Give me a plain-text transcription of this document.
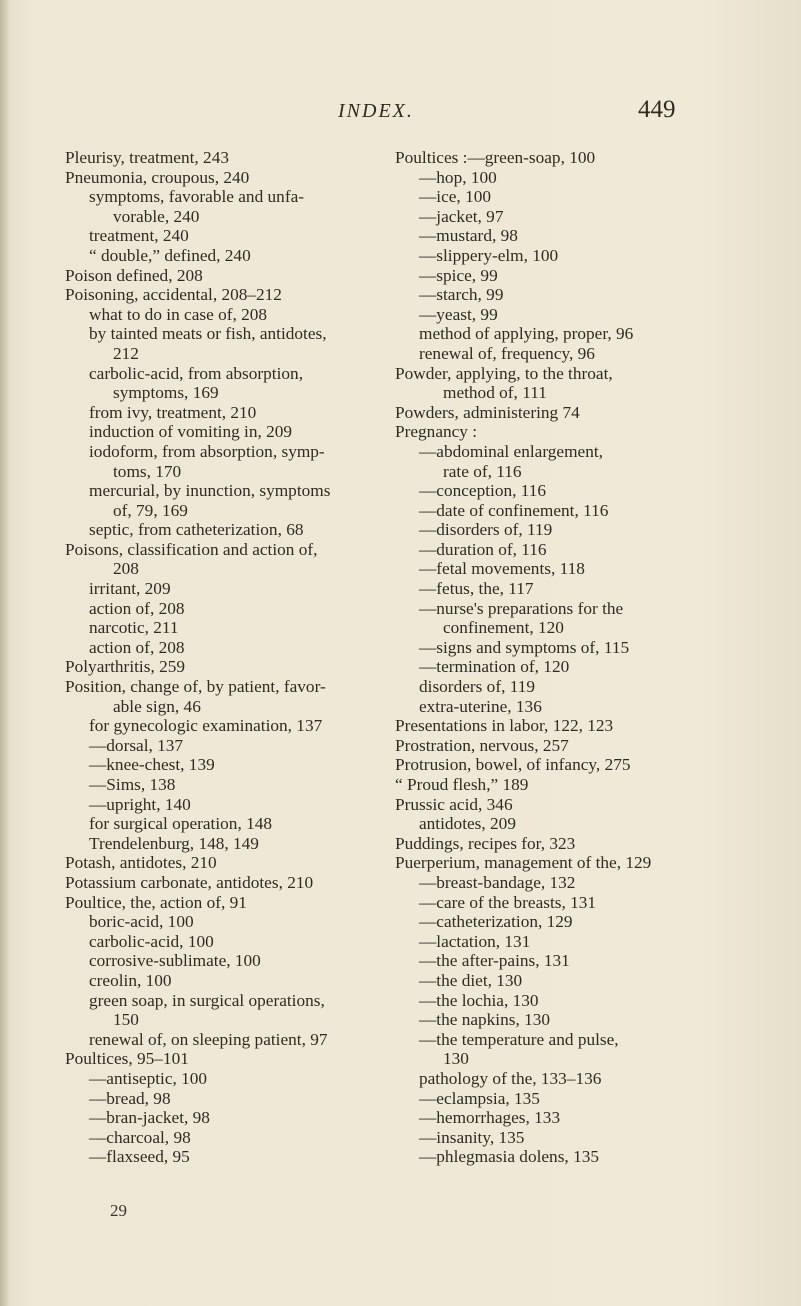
INDEX.	449
Pleurisy, treatment, 243
Pneumonia, croupous, 240
symptoms, favorable and unfa-
vorable, 240
treatment, 240
“ double,” defined, 240
Poison defined, 208
Poisoning, accidental, 208–212
what to do in case of, 208
by tainted meats or fish, antidotes,
212
carbolic-acid, from absorption,
symptoms, 169
from ivy, treatment, 210
induction of vomiting in, 209
iodoform, from absorption, symp-
toms, 170
mercurial, by inunction, symptoms
of, 79, 169
septic, from catheterization, 68
Poisons, classification and action of,
208
irritant, 209
action of, 208
narcotic, 211
action of, 208
Polyarthritis, 259
Position, change of, by patient, favor-
able sign, 46
for gynecologic examination, 137
—dorsal, 137
—knee-chest, 139
—Sims, 138
—upright, 140
for surgical operation, 148
Trendelenburg, 148, 149
Potash, antidotes, 210
Potassium carbonate, antidotes, 210
Poultice, the, action of, 91
boric-acid, 100
carbolic-acid, 100
corrosive-sublimate, 100
creolin, 100
green soap, in surgical operations,
150
renewal of, on sleeping patient, 97
Poultices, 95–101
—antiseptic, 100
—bread, 98
—bran-jacket, 98
—charcoal, 98
—flaxseed, 95
Poultices :—green-soap, 100
—hop, 100
—ice, 100
—jacket, 97
—mustard, 98
—slippery-elm, 100
—spice, 99
—starch, 99
—yeast, 99
method of applying, proper, 96
renewal of, frequency, 96
Powder, applying, to the throat,
method of, 111
Powders, administering 74
Pregnancy :
—abdominal enlargement,
rate of, 116
—conception, 116
—date of confinement, 116
—disorders of, 119
—duration of, 116
—fetal movements, 118
—fetus, the, 117
—nurse's preparations for the
confinement, 120
—signs and symptoms of, 115
—termination of, 120
disorders of, 119
extra-uterine, 136
Presentations in labor, 122, 123
Prostration, nervous, 257
Protrusion, bowel, of infancy, 275
“ Proud flesh,” 189
Prussic acid, 346
antidotes, 209
Puddings, recipes for, 323
Puerperium, management of the, 129
—breast-bandage, 132
—care of the breasts, 131
—catheterization, 129
—lactation, 131
—the after-pains, 131
—the diet, 130
—the lochia, 130
—the napkins, 130
—the temperature and pulse,
130
pathology of the, 133–136
—eclampsia, 135
—hemorrhages, 133
—insanity, 135
—phlegmasia dolens, 135
29
